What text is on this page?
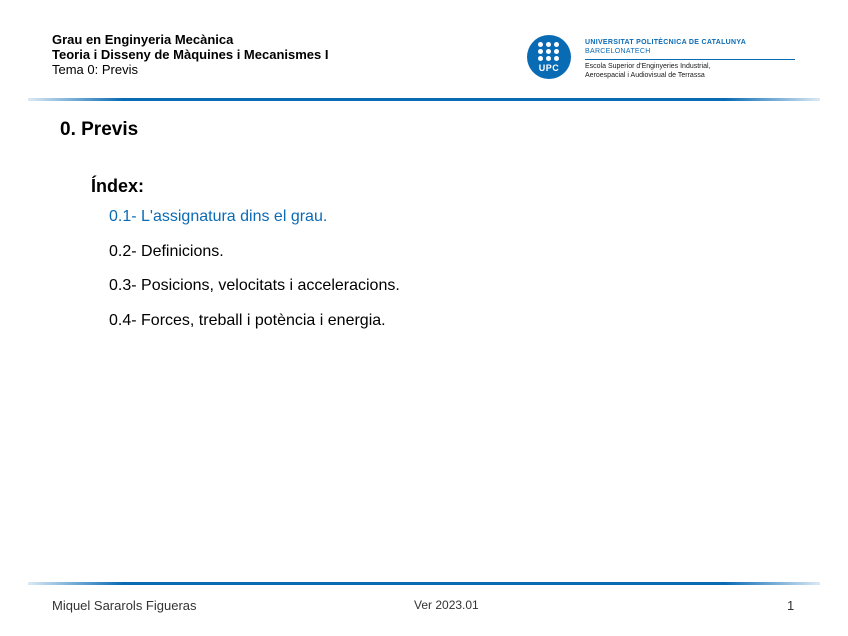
Grau en Enginyeria Mecànica
Teoria i Disseny de Màquines i Mecanismes I
Tema 0: Previs	UPC
UNIVERSITAT POLITÈCNICA DE CATALUNYA
BARCELONATECH
Escola Superior d'Enginyeries Industrial,
Aeroespacial i Audiovisual de Terrassa
0. Previs
Índex:
0.1- L'assignatura dins el grau.
0.2- Definicions.
0.3- Posicions, velocitats i acceleracions.
0.4- Forces, treball i potència i energia.
Miquel Sararols Figueras	Ver 2023.01	1
